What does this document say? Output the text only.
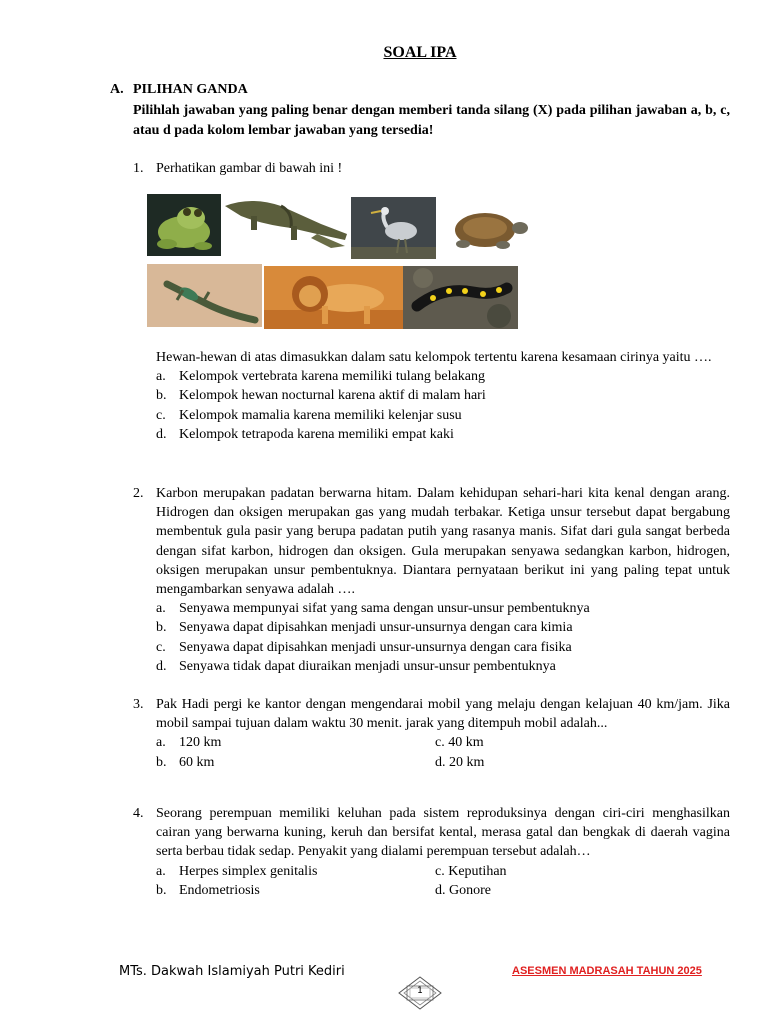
SOAL IPA
A. PILIHAN GANDA
Pilihlah jawaban yang paling benar dengan memberi tanda silang (X) pada pilihan jawaban a, b, c, atau d pada kolom lembar jawaban yang tersedia!
1. Perhatikan gambar di bawah ini !
Hewan-hewan di atas dimasukkan dalam satu kelompok tertentu karena kesamaan cirinya yaitu ….
a. Kelompok vertebrata karena memiliki tulang belakang
b. Kelompok hewan nocturnal karena aktif di malam hari
c. Kelompok mamalia karena memiliki kelenjar susu
d. Kelompok tetrapoda karena memiliki empat kaki
2. Karbon merupakan padatan berwarna hitam. Dalam kehidupan sehari-hari kita kenal dengan arang. Hidrogen dan oksigen merupakan gas yang mudah terbakar. Ketiga unsur tersebut dapat bergabung membentuk gula pasir yang berupa padatan putih yang rasanya manis. Sifat dari gula sangat berbeda dengan sifat karbon, hidrogen dan oksigen. Gula merupakan senyawa sedangkan karbon, hidrogen, oksigen merupakan unsur pembentuknya. Diantara pernyataan berikut ini yang paling tepat untuk mengambarkan senyawa adalah ….
a. Senyawa mempunyai sifat yang sama dengan unsur-unsur pembentuknya
b. Senyawa dapat dipisahkan menjadi unsur-unsurnya dengan cara kimia
c. Senyawa dapat dipisahkan menjadi unsur-unsurnya dengan cara fisika
d. Senyawa tidak dapat diuraikan menjadi unsur-unsur pembentuknya
3. Pak Hadi pergi ke kantor dengan mengendarai mobil yang melaju dengan kelajuan 40 km/jam. Jika mobil sampai tujuan dalam waktu 30 menit. jarak yang ditempuh mobil adalah...
a. 120 km	c. 40 km
b. 60 km	d. 20 km
4. Seorang perempuan memiliki keluhan pada sistem reproduksinya dengan ciri-ciri menghasilkan cairan yang berwarna kuning, keruh dan bersifat kental, merasa gatal dan bengkak di daerah vagina serta berbau tidak sedap. Penyakit yang dialami perempuan tersebut adalah…
a. Herpes simplex genitalis	c. Keputihan
b. Endometriosis	d. Gonore
MTs. Dakwah Islamiyah Putri Kediri	ASESMEN MADRASAH TAHUN 2025
1
